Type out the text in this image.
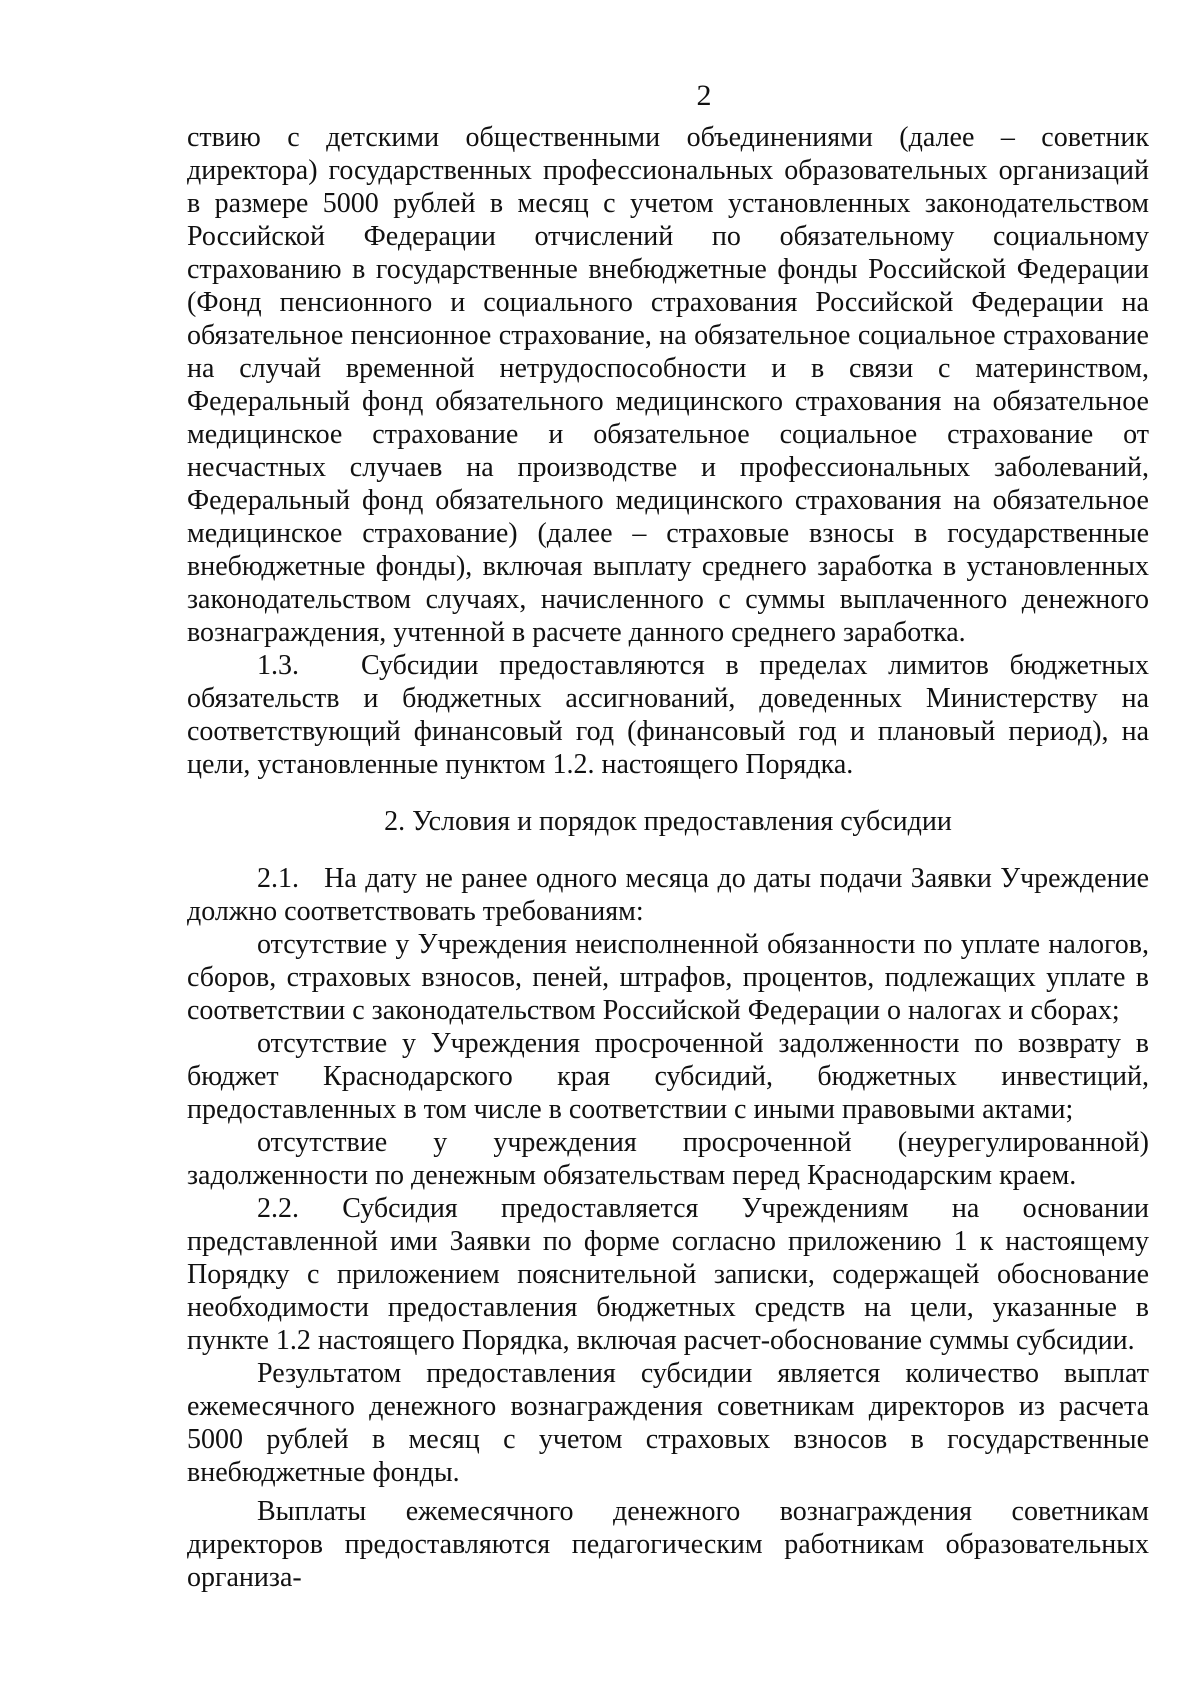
2

ствию с детскими общественными объединениями (далее – советник директора) государственных профессиональных образовательных организаций в размере 5000 рублей в месяц с учетом установленных законодательством Российской Федерации отчислений по обязательному социальному страхованию в государственные внебюджетные фонды Российской Федерации (Фонд пенсионного и социального страхования Российской Федерации на обязательное пенсионное страхование, на обязательное социальное страхование на случай временной нетрудоспособности и в связи с материнством, Федеральный фонд обязательного медицинского страхования на обязательное медицинское страхование и обязательное социальное страхование от несчастных случаев на производстве и профессиональных заболеваний, Федеральный фонд обязательного медицинского страхования на обязательное медицинское страхование) (далее – страховые взносы в государственные внебюджетные фонды), включая выплату среднего заработка в установленных законодательством случаях, начисленного с суммы выплаченного денежного вознаграждения, учтенной в расчете данного среднего заработка.

1.3.   Субсидии предоставляются в пределах лимитов бюджетных обязательств и бюджетных ассигнований, доведенных Министерству на соответствующий финансовый год (финансовый год и плановый период), на цели, установленные пунктом 1.2. настоящего Порядка.

2. Условия и порядок предоставления субсидии

2.1.   На дату не ранее одного месяца до даты подачи Заявки Учреждение должно соответствовать требованиям:

отсутствие у Учреждения неисполненной обязанности по уплате налогов, сборов, страховых взносов, пеней, штрафов, процентов, подлежащих уплате в соответствии с законодательством Российской Федерации о налогах и сборах;

отсутствие у Учреждения просроченной задолженности по возврату в бюджет Краснодарского края субсидий, бюджетных инвестиций, предоставленных в том числе в соответствии с иными правовыми актами;

отсутствие у учреждения просроченной (неурегулированной) задолженности по денежным обязательствам перед Краснодарским краем.

2.2. Субсидия предоставляется Учреждениям на основании представленной ими Заявки по форме согласно приложению 1 к настоящему Порядку с приложением пояснительной записки, содержащей обоснование необходимости предоставления бюджетных средств на цели, указанные в пункте 1.2 настоящего Порядка, включая расчет-обоснование суммы субсидии.

Результатом предоставления субсидии является количество выплат ежемесячного денежного вознаграждения советникам директоров из расчета 5000 рублей в месяц с учетом страховых взносов в государственные внебюджетные фонды.

Выплаты ежемесячного денежного вознаграждения советникам директоров предоставляются педагогическим работникам образовательных организа-
